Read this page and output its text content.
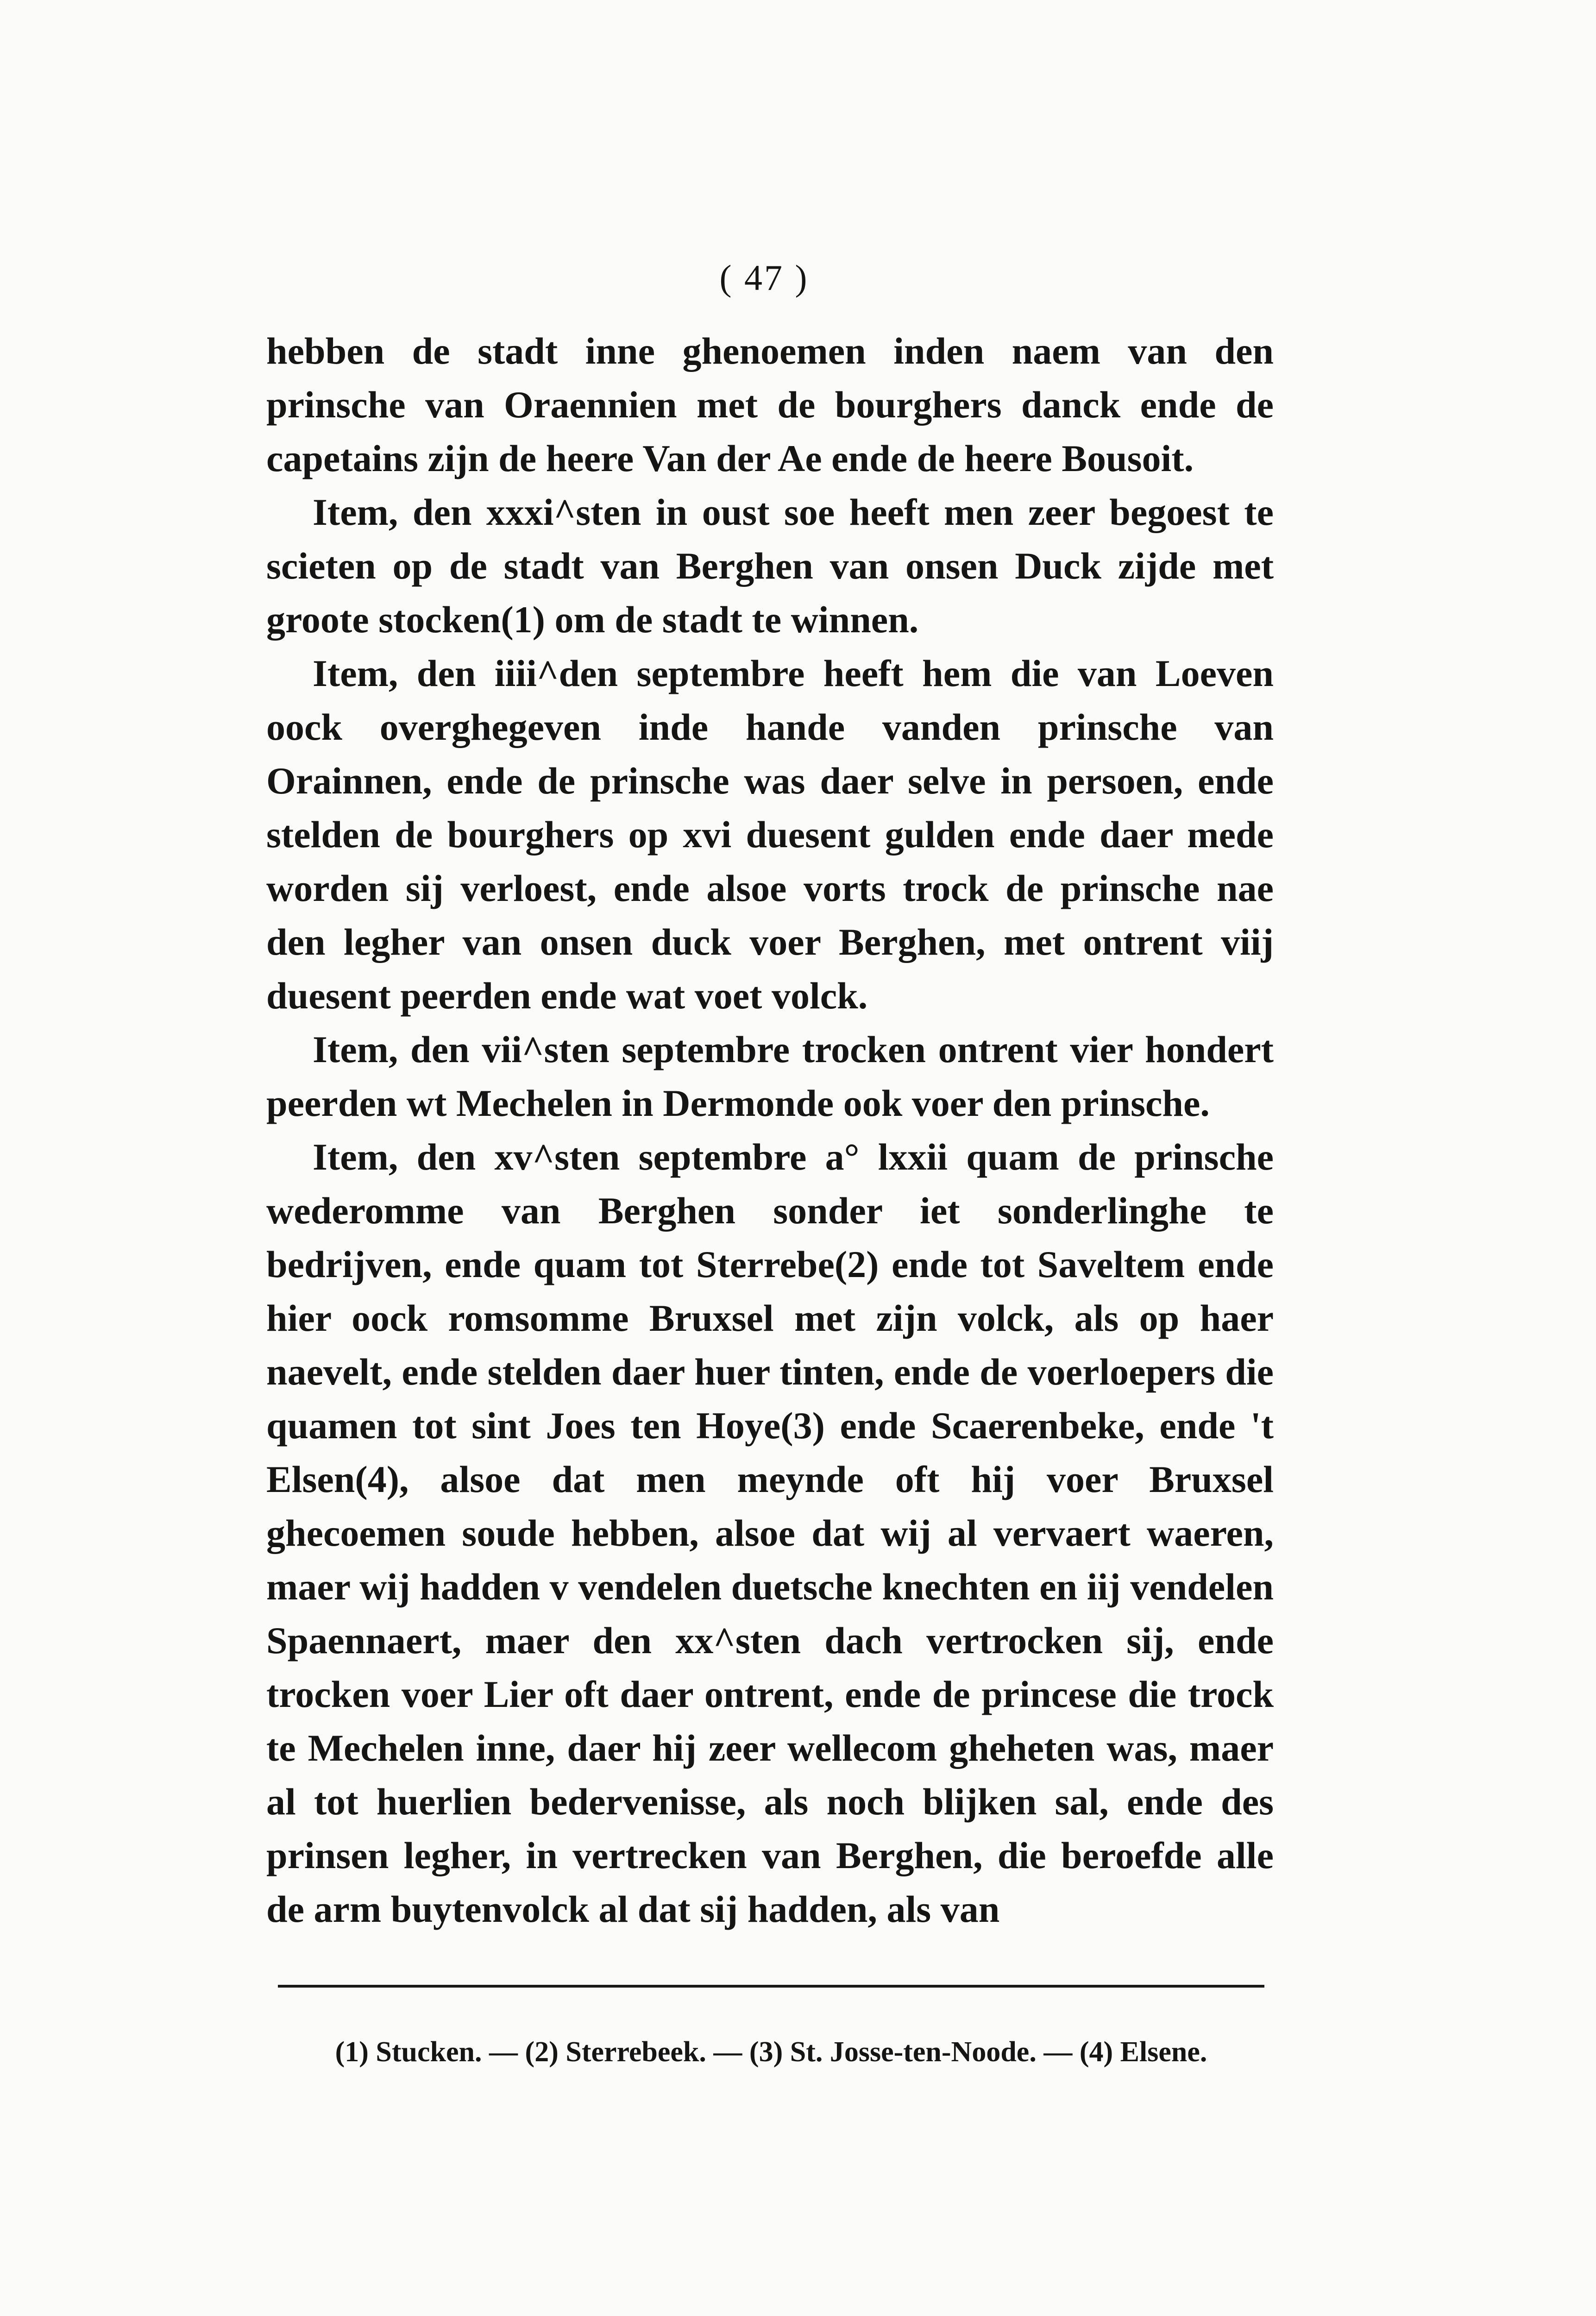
( 47 )

hebben de stadt inne ghenoemen inden naem van den prinsche van Oraennien met de bourghers danck ende de capetains zijn de heere Van der Ae ende de heere Bousoit.

Item, den xxxi^sten in oust soe heeft men zeer begoest te scieten op de stadt van Berghen van onsen Duck zijde met groote stocken(1) om de stadt te winnen.

Item, den iiii^den septembre heeft hem die van Loeven oock overghegeven inde hande vanden prinsche van Orainnen, ende de prinsche was daer selve in persoen, ende stelden de bourghers op xvi duesent gulden ende daer mede worden sij verloest, ende alsoe vorts trock de prinsche nae den legher van onsen duck voer Berghen, met ontrent viij duesent peerden ende wat voet volck.

Item, den vii^sten septembre trocken ontrent vier hondert peerden wt Mechelen in Dermonde ook voer den prinsche.

Item, den xv^sten septembre a° lxxii quam de prinsche wederomme van Berghen sonder iet sonderlinghe te bedrijven, ende quam tot Sterrebe(2) ende tot Saveltem ende hier oock romsomme Bruxsel met zijn volck, als op haer naevelt, ende stelden daer huer tinten, ende de voerloepers die quamen tot sint Joes ten Hoye(3) ende Scaerenbeke, ende 't Elsen(4), alsoe dat men meynde oft hij voer Bruxsel ghecoemen soude hebben, alsoe dat wij al vervaert waeren, maer wij hadden v vendelen duetsche knechten en iij vendelen Spaennaert, maer den xx^sten dach vertrocken sij, ende trocken voer Lier oft daer ontrent, ende de princese die trock te Mechelen inne, daer hij zeer wellecom gheheten was, maer al tot huerlien bedervenisse, als noch blijken sal, ende des prinsen legher, in vertrecken van Berghen, die beroefde alle de arm buytenvolck al dat sij hadden, als van

(1) Stucken. — (2) Sterrebeek. — (3) St. Josse-ten-Noode. — (4) Elsene.
